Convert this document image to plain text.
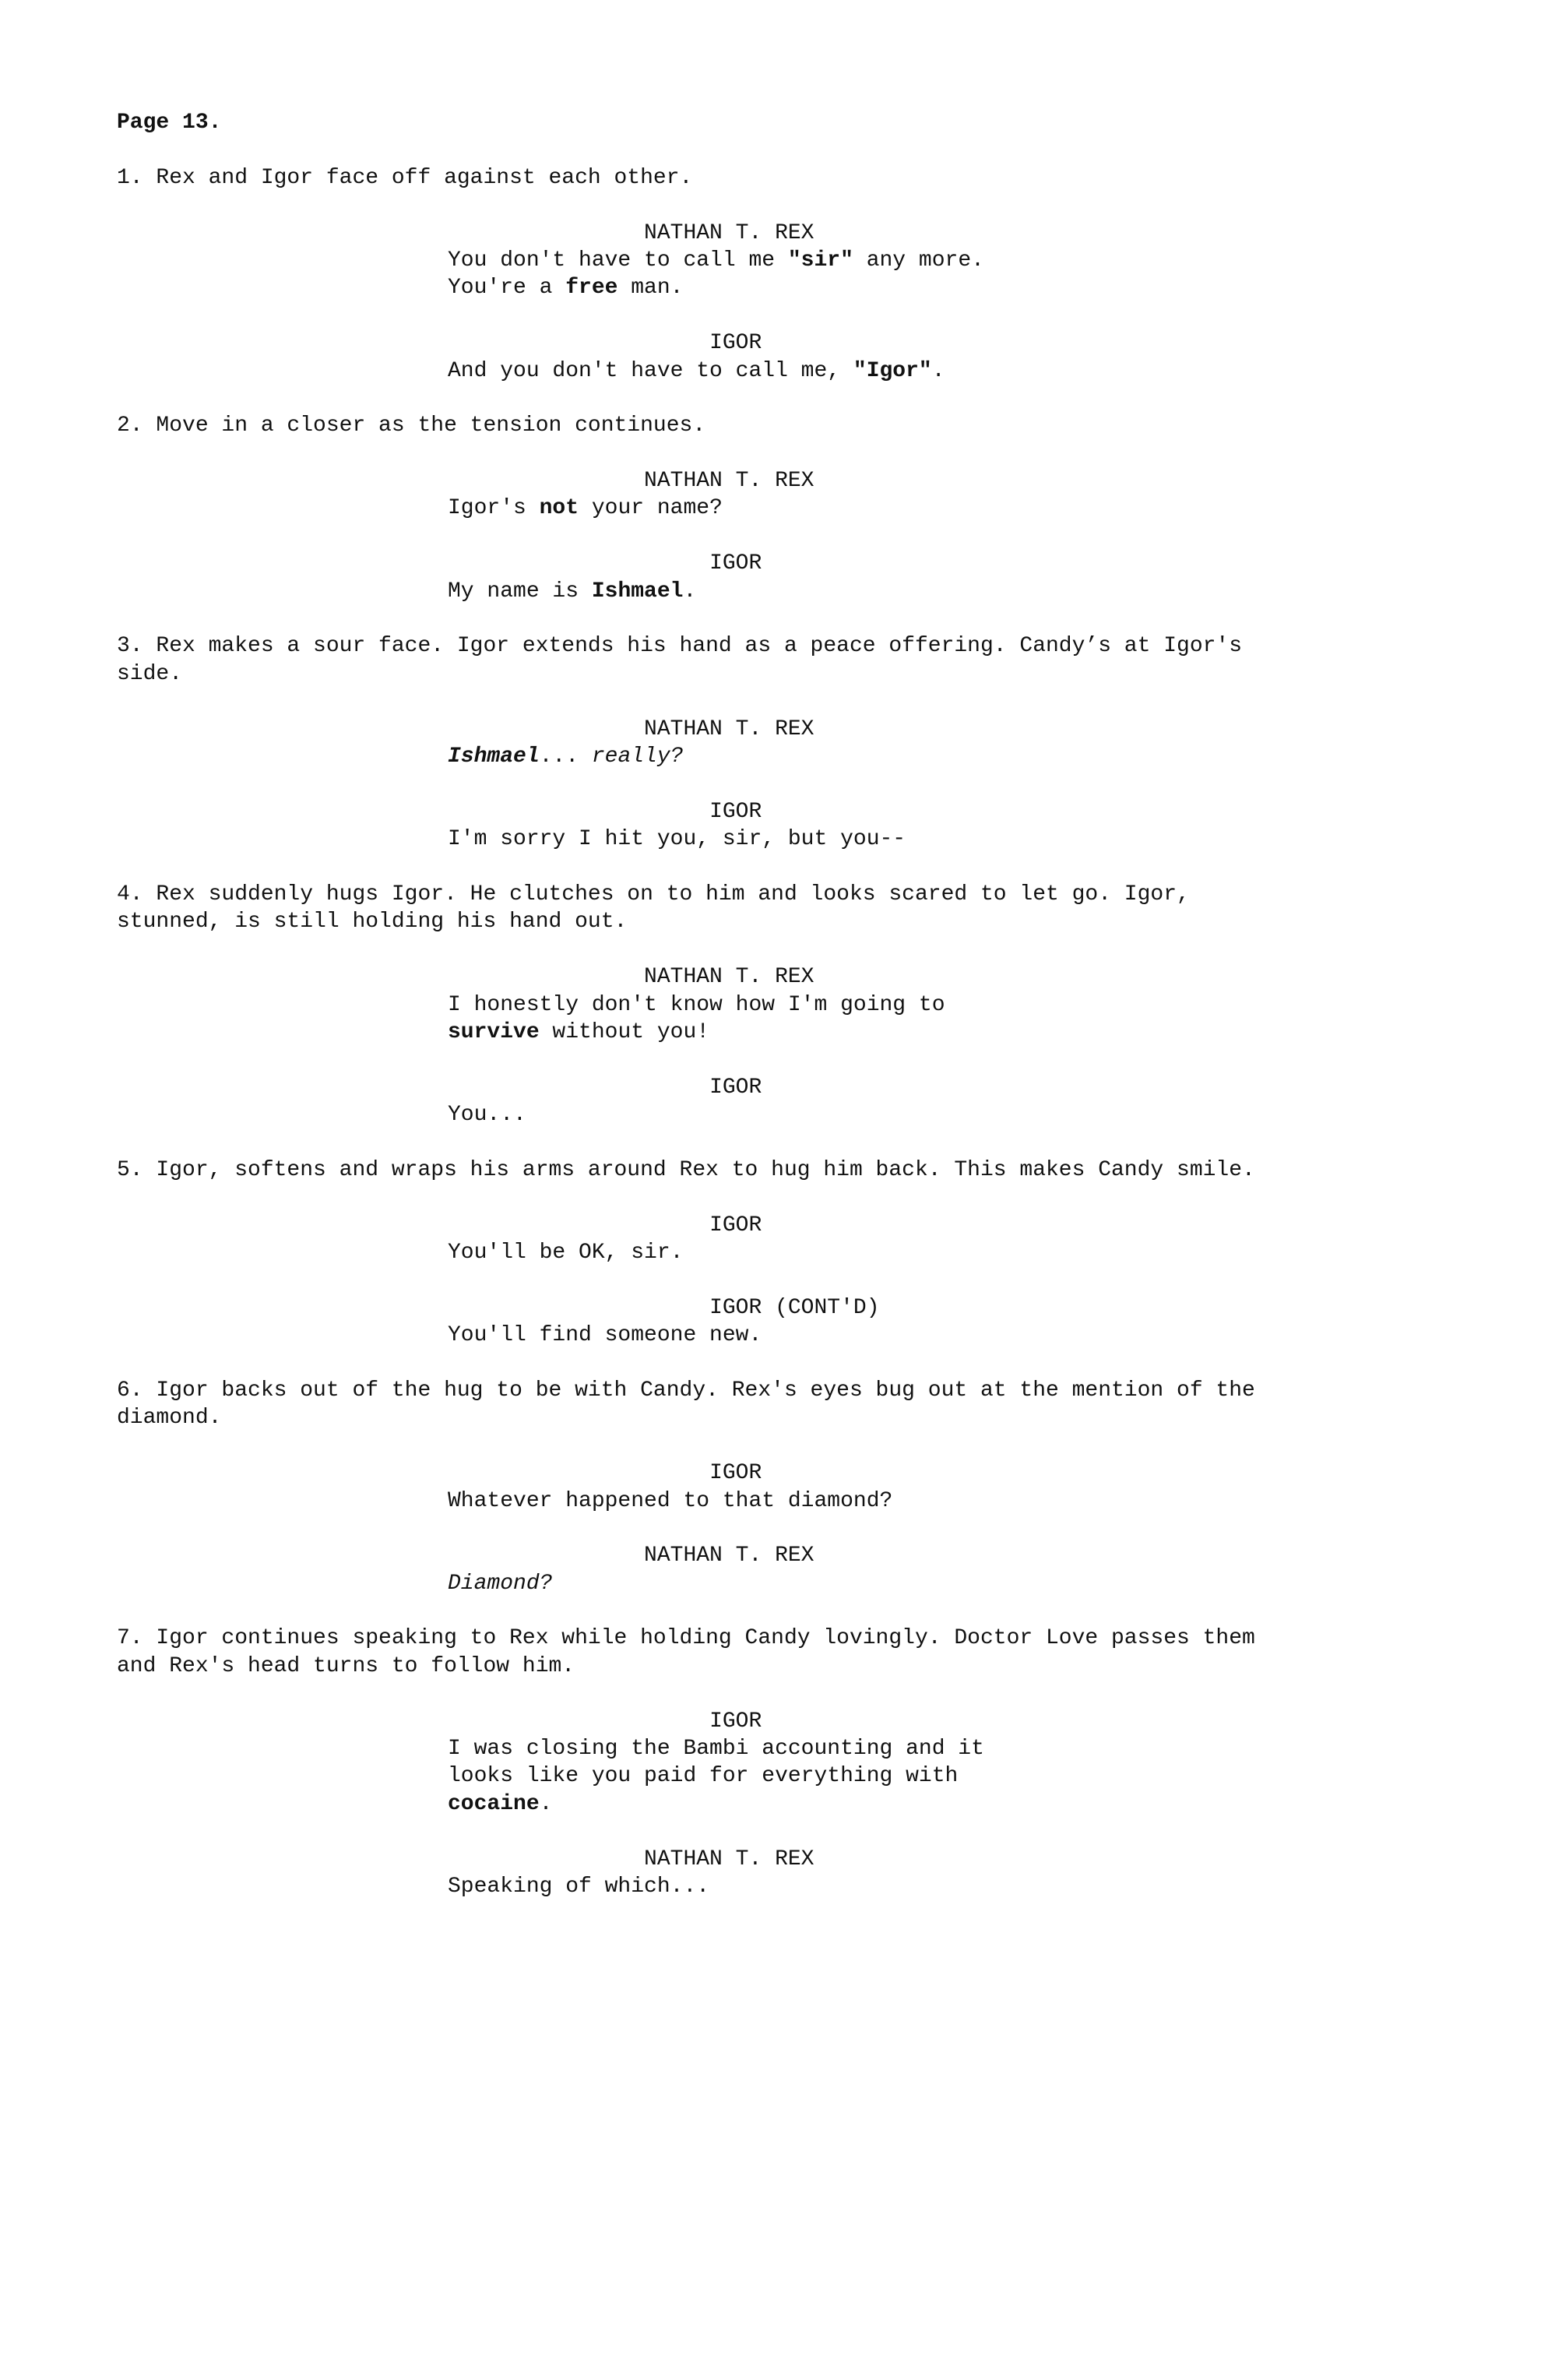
Page 13.
1. Rex and Igor face off against each other.
NATHAN T. REX
You don't have to call me "sir" any more.
You're a free man.
IGOR
And you don't have to call me, "Igor".
2. Move in a closer as the tension continues.
NATHAN T. REX
Igor's not your name?
IGOR
My name is Ishmael.
3. Rex makes a sour face. Igor extends his hand as a peace offering. Candy’s at Igor's
side.
NATHAN T. REX
Ishmael... really?
IGOR
I'm sorry I hit you, sir, but you--
4. Rex suddenly hugs Igor. He clutches on to him and looks scared to let go. Igor,
stunned, is still holding his hand out.
NATHAN T. REX
I honestly don't know how I'm going to
survive without you!
IGOR
You...
5. Igor, softens and wraps his arms around Rex to hug him back. This makes Candy smile.
IGOR
You'll be OK, sir.
IGOR (CONT'D)
You'll find someone new.
6. Igor backs out of the hug to be with Candy. Rex's eyes bug out at the mention of the
diamond.
IGOR
Whatever happened to that diamond?
NATHAN T. REX
Diamond?
7. Igor continues speaking to Rex while holding Candy lovingly. Doctor Love passes them
and Rex's head turns to follow him.
IGOR
I was closing the Bambi accounting and it
looks like you paid for everything with
cocaine.
NATHAN T. REX
Speaking of which...
